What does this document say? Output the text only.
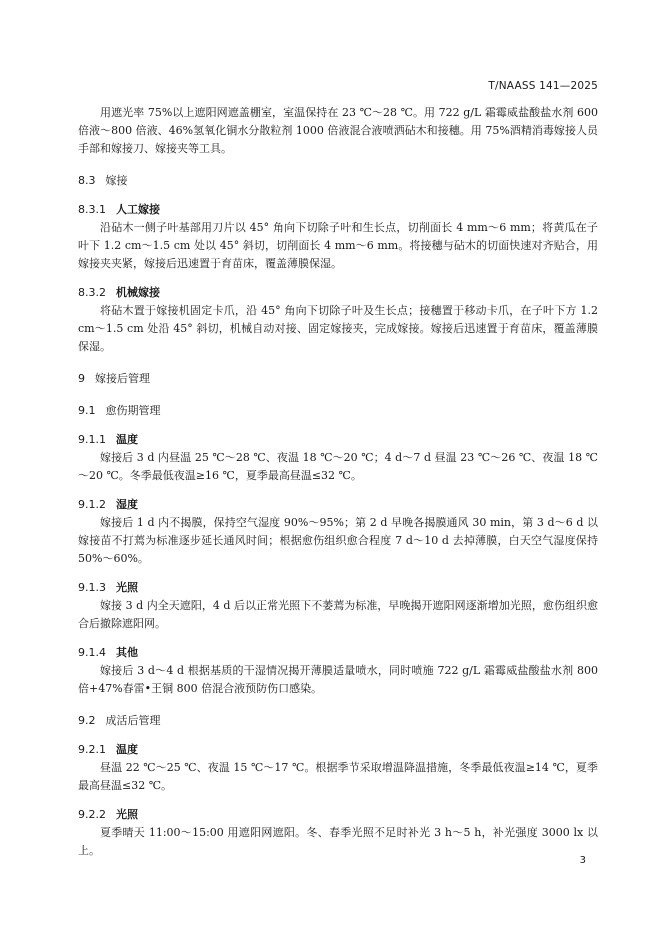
T/NAASS 141—2025

用遮光率 75%以上遮阳网遮盖棚室，室温保持在 23 ℃～28 ℃。用 722 g/L 霜霉威盐酸盐水剂 600 倍液～800 倍液、46%氢氧化铜水分散粒剂 1000 倍液混合液喷洒砧木和接穗。用 75%酒精消毒嫁接人员手部和嫁接刀、嫁接夹等工具。

8.3 嫁接
8.3.1 人工嫁接

沿砧木一侧子叶基部用刀片以 45° 角向下切除子叶和生长点，切削面长 4 mm～6 mm；将黄瓜在子叶下 1.2 cm～1.5 cm 处以 45° 斜切，切削面长 4 mm～6 mm。将接穗与砧木的切面快速对齐贴合，用嫁接夹夹紧，嫁接后迅速置于育苗床，覆盖薄膜保湿。

8.3.2 机械嫁接

将砧木置于嫁接机固定卡爪，沿 45° 角向下切除子叶及生长点；接穗置于移动卡爪，在子叶下方 1.2 cm～1.5 cm 处沿 45° 斜切，机械自动对接、固定嫁接夹，完成嫁接。嫁接后迅速置于育苗床，覆盖薄膜保湿。

9 嫁接后管理
9.1 愈伤期管理
9.1.1 温度

嫁接后 3 d 内昼温 25 ℃～28 ℃、夜温 18 ℃～20 ℃；4 d～7 d 昼温 23 ℃～26 ℃、夜温 18 ℃～20 ℃。冬季最低夜温≥16 ℃，夏季最高昼温≤32 ℃。

9.1.2 湿度

嫁接后 1 d 内不揭膜，保持空气湿度 90%～95%；第 2 d 早晚各揭膜通风 30 min，第 3 d～6 d 以嫁接苗不打蔫为标准逐步延长通风时间；根据愈伤组织愈合程度 7 d～10 d 去掉薄膜，白天空气湿度保持 50%～60%。

9.1.3 光照

嫁接 3 d 内全天遮阳，4 d 后以正常光照下不萎蔫为标准，早晚揭开遮阳网逐渐增加光照，愈伤组织愈合后撤除遮阳网。

9.1.4 其他

嫁接后 3 d～4 d 根据基质的干湿情况揭开薄膜适量喷水，同时喷施 722 g/L 霜霉威盐酸盐水剂 800 倍+47%春雷•王铜 800 倍混合液预防伤口感染。

9.2 成活后管理
9.2.1 温度

昼温 22 ℃～25 ℃、夜温 15 ℃～17 ℃。根据季节采取增温降温措施，冬季最低夜温≥14 ℃，夏季最高昼温≤32 ℃。

9.2.2 光照

夏季晴天 11:00～15:00 用遮阳网遮阳。冬、春季光照不足时补光 3 h～5 h，补光强度 3000 lx 以上。

3
